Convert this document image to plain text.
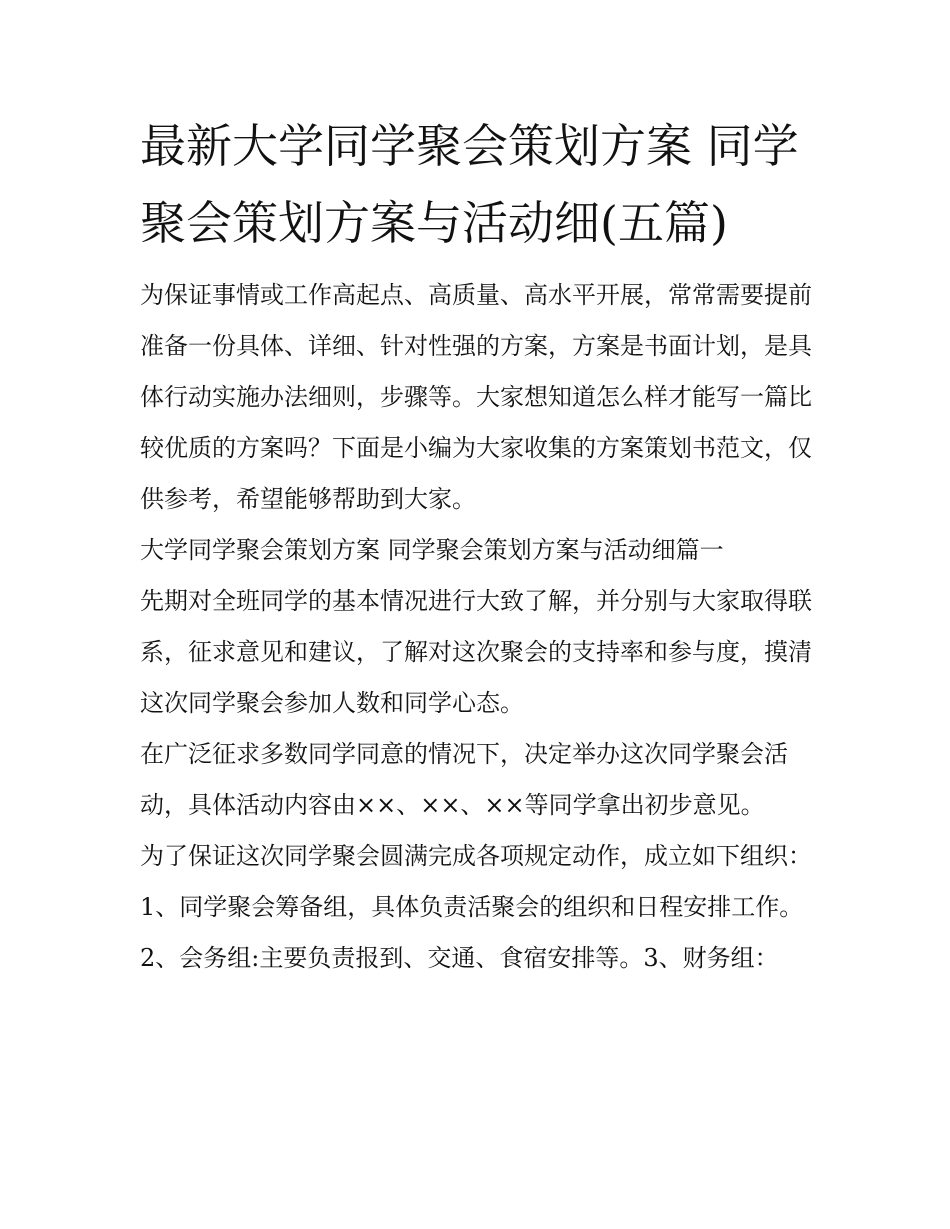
最新大学同学聚会策划方案 同学聚会策划方案与活动细(五篇)

为保证事情或工作高起点、高质量、高水平开展，常常需要提前准备一份具体、详细、针对性强的方案，方案是书面计划，是具体行动实施办法细则，步骤等。大家想知道怎么样才能写一篇比较优质的方案吗？下面是小编为大家收集的方案策划书范文，仅供参考，希望能够帮助到大家。

大学同学聚会策划方案 同学聚会策划方案与活动细篇一

先期对全班同学的基本情况进行大致了解，并分别与大家取得联系，征求意见和建议，了解对这次聚会的支持率和参与度，摸清这次同学聚会参加人数和同学心态。

在广泛征求多数同学同意的情况下，决定举办这次同学聚会活动，具体活动内容由××、××、××等同学拿出初步意见。

为了保证这次同学聚会圆满完成各项规定动作，成立如下组织： 1、同学聚会筹备组，具体负责活聚会的组织和日程安排工作。

2、会务组:主要负责报到、交通、食宿安排等。3、财务组：
